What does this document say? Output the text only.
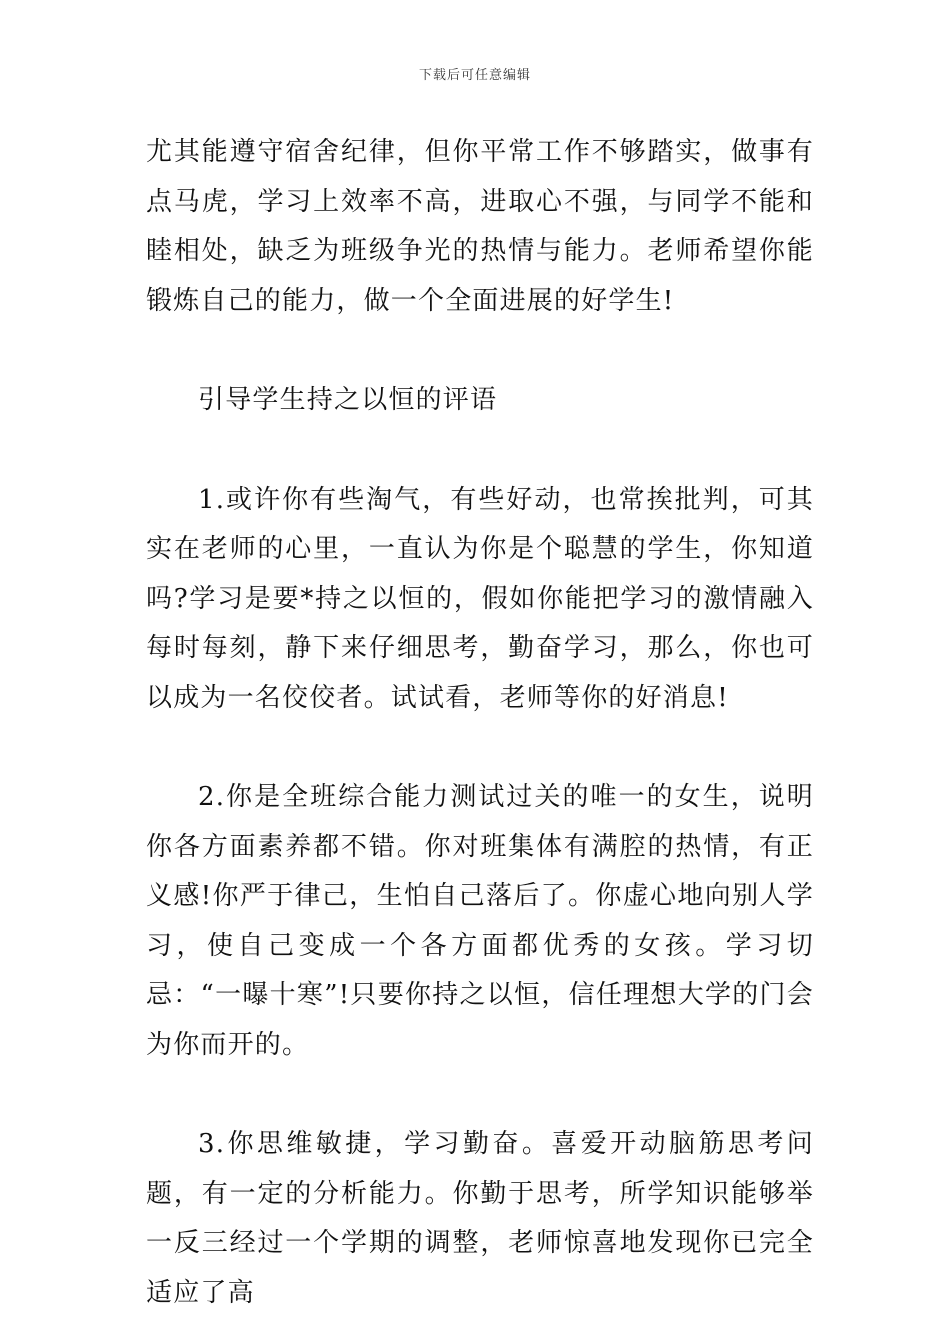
下载后可任意编辑

尤其能遵守宿舍纪律，但你平常工作不够踏实，做事有点马虎，学习上效率不高，进取心不强，与同学不能和睦相处，缺乏为班级争光的热情与能力。老师希望你能锻炼自己的能力，做一个全面进展的好学生!

引导学生持之以恒的评语

1.或许你有些淘气，有些好动，也常挨批判，可其实在老师的心里，一直认为你是个聪慧的学生，你知道吗?学习是要*持之以恒的，假如你能把学习的激情融入每时每刻，静下来仔细思考，勤奋学习，那么，你也可以成为一名佼佼者。试试看，老师等你的好消息!

2.你是全班综合能力测试过关的唯一的女生，说明你各方面素养都不错。你对班集体有满腔的热情，有正义感!你严于律己，生怕自己落后了。你虚心地向别人学习，使自己变成一个各方面都优秀的女孩。学习切忌：“一曝十寒”!只要你持之以恒，信任理想大学的门会为你而开的。

3.你思维敏捷，学习勤奋。喜爱开动脑筋思考问题，有一定的分析能力。你勤于思考，所学知识能够举一反三经过一个学期的调整，老师惊喜地发现你已完全适应了高
